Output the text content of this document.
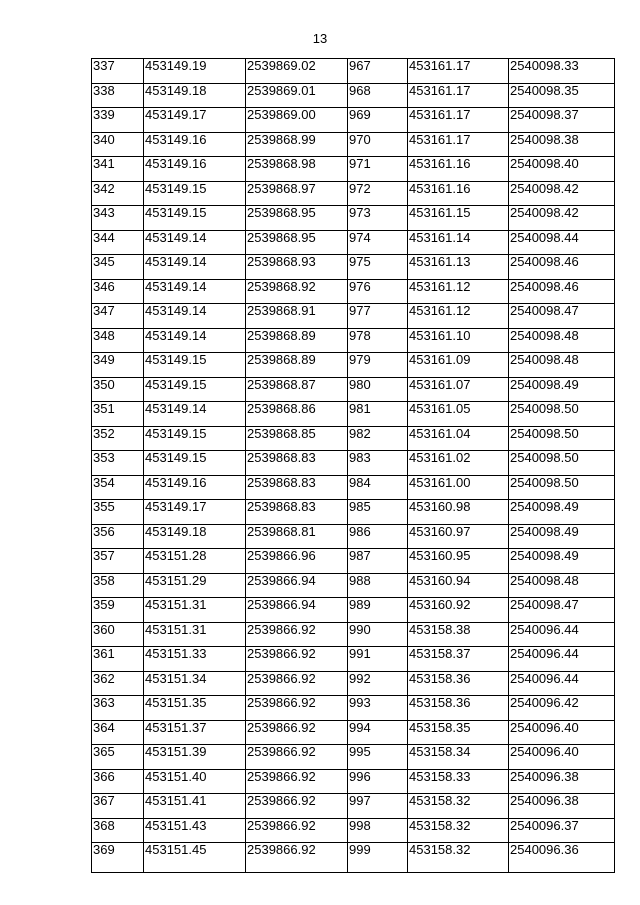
13
337	453149.19	2539869.02	967	453161.17	2540098.33
338	453149.18	2539869.01	968	453161.17	2540098.35
339	453149.17	2539869.00	969	453161.17	2540098.37
340	453149.16	2539868.99	970	453161.17	2540098.38
341	453149.16	2539868.98	971	453161.16	2540098.40
342	453149.15	2539868.97	972	453161.16	2540098.42
343	453149.15	2539868.95	973	453161.15	2540098.42
344	453149.14	2539868.95	974	453161.14	2540098.44
345	453149.14	2539868.93	975	453161.13	2540098.46
346	453149.14	2539868.92	976	453161.12	2540098.46
347	453149.14	2539868.91	977	453161.12	2540098.47
348	453149.14	2539868.89	978	453161.10	2540098.48
349	453149.15	2539868.89	979	453161.09	2540098.48
350	453149.15	2539868.87	980	453161.07	2540098.49
351	453149.14	2539868.86	981	453161.05	2540098.50
352	453149.15	2539868.85	982	453161.04	2540098.50
353	453149.15	2539868.83	983	453161.02	2540098.50
354	453149.16	2539868.83	984	453161.00	2540098.50
355	453149.17	2539868.83	985	453160.98	2540098.49
356	453149.18	2539868.81	986	453160.97	2540098.49
357	453151.28	2539866.96	987	453160.95	2540098.49
358	453151.29	2539866.94	988	453160.94	2540098.48
359	453151.31	2539866.94	989	453160.92	2540098.47
360	453151.31	2539866.92	990	453158.38	2540096.44
361	453151.33	2539866.92	991	453158.37	2540096.44
362	453151.34	2539866.92	992	453158.36	2540096.44
363	453151.35	2539866.92	993	453158.36	2540096.42
364	453151.37	2539866.92	994	453158.35	2540096.40
365	453151.39	2539866.92	995	453158.34	2540096.40
366	453151.40	2539866.92	996	453158.33	2540096.38
367	453151.41	2539866.92	997	453158.32	2540096.38
368	453151.43	2539866.92	998	453158.32	2540096.37
369	453151.45	2539866.92	999	453158.32	2540096.36
